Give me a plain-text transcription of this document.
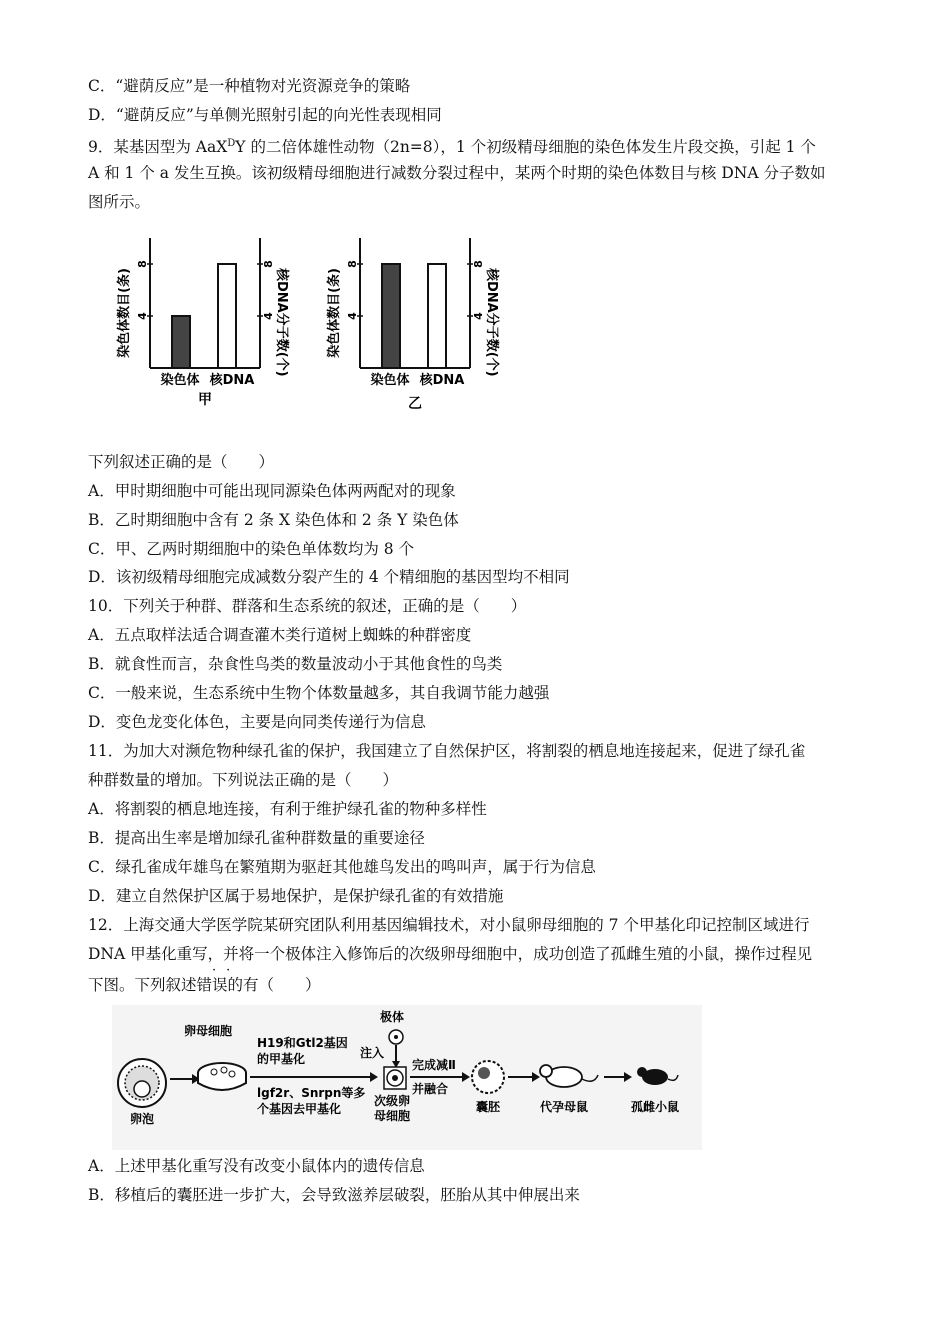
C．“避荫反应”是一种植物对光资源竞争的策略
D．“避荫反应”与单侧光照射引起的向光性表现相同
9．某基因型为 AaX$^D$Y 的二倍体雄性动物（2n=8），1 个初级精母细胞的染色体发生片段交换，引起 1 个
A 和 1 个 a 发生互换。该初级精母细胞进行减数分裂过程中，某两个时期的染色体数目与核 DNA 分子数如
图所示。
染色体数目(条)	核DNA分子数(个)
4
8
4
8
染色体 核DNA
甲
染色体数目(条)	核DNA分子数(个)
4
8
4
8
染色体 核DNA
乙
下列叙述正确的是（　　）
A．甲时期细胞中可能出现同源染色体两两配对的现象
B．乙时期细胞中含有 2 条 X 染色体和 2 条 Y 染色体
C．甲、乙两时期细胞中的染色单体数均为 8 个
D．该初级精母细胞完成减数分裂产生的 4 个精细胞的基因型均不相同
10．下列关于种群、群落和生态系统的叙述，正确的是（　　）
A．五点取样法适合调查灌木类行道树上蜘蛛的种群密度
B．就食性而言，杂食性鸟类的数量波动小于其他食性的鸟类
C．一般来说，生态系统中生物个体数量越多，其自我调节能力越强
D．变色龙变化体色，主要是向同类传递行为信息
11．为加大对濒危物种绿孔雀的保护，我国建立了自然保护区，将割裂的栖息地连接起来，促进了绿孔雀
种群数量的增加。下列说法正确的是（　　）
A．将割裂的栖息地连接，有利于维护绿孔雀的物种多样性
B．提高出生率是增加绿孔雀种群数量的重要途径
C．绿孔雀成年雄鸟在繁殖期为驱赶其他雄鸟发出的鸣叫声，属于行为信息
D．建立自然保护区属于易地保护，是保护绿孔雀的有效措施
12．上海交通大学医学院某研究团队利用基因编辑技术，对小鼠卵母细胞的 7 个甲基化印记控制区域进行
DNA 甲基化重写，并将一个极体注入修饰后的次级卵母细胞中，成功创造了孤雌生殖的小鼠，操作过程见
··
下图。下列叙述错误的有（　　）
卵泡
卵母细胞
H19和Gtl2基因
的甲基化
lgf2r、Snrpn等多
个基因去甲基化
极体
注入
次级卵
母细胞
完成减Ⅱ
并融合
囊胚	代孕母鼠	孤雌小鼠
A．上述甲基化重写没有改变小鼠体内的遗传信息
B．移植后的囊胚进一步扩大，会导致滋养层破裂，胚胎从其中伸展出来
